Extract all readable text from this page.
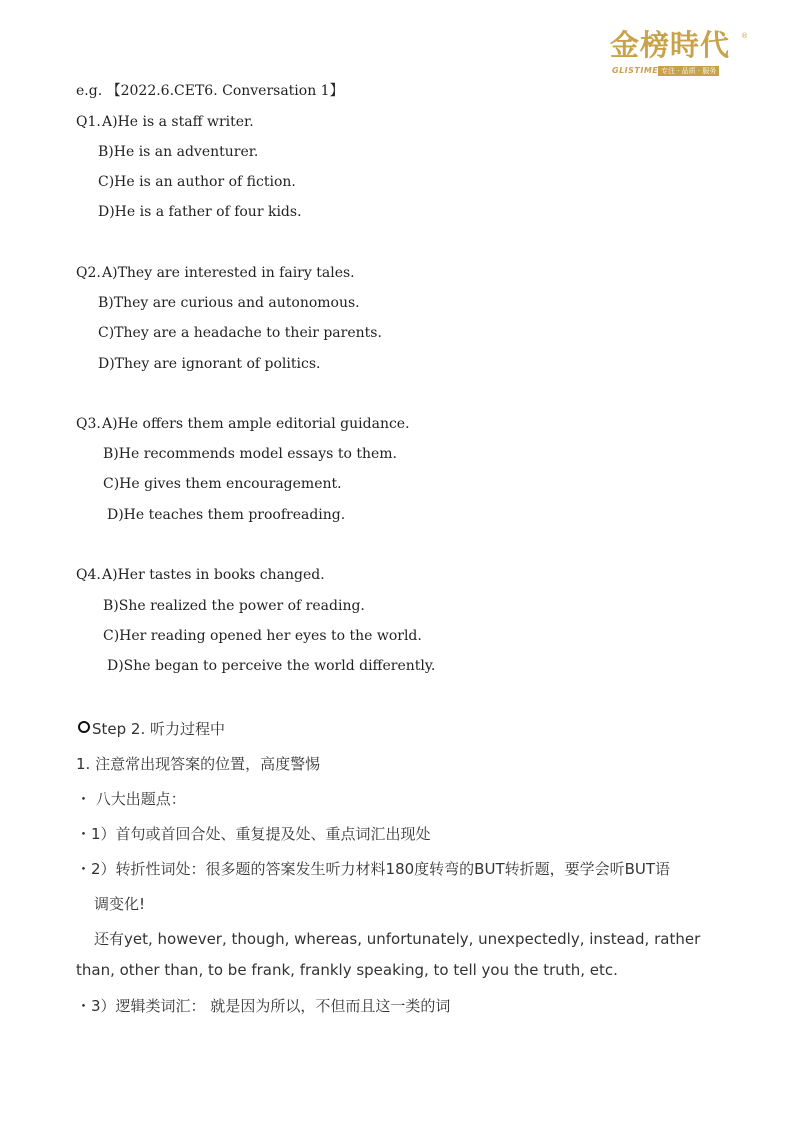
金榜時代	®
GLISTIME 专注 · 品质 · 服务
e.g. 【2022.6.CET6. Conversation 1】
Q1. A)He is a staff writer.
B)He is an adventurer.
C)He is an author of fiction.
D)He is a father of four kids.
Q2. A)They are interested in fairy tales.
B)They are curious and autonomous.
C)They are a headache to their parents.
D)They are ignorant of politics.
Q3. A)He offers them ample editorial guidance.
B)He recommends model essays to them.
C)He gives them encouragement.
D)He teaches them proofreading.
Q4. A)Her tastes in books changed.
B)She realized the power of reading.
C)Her reading opened her eyes to the world.
D)She began to perceive the world differently.
Step 2. 听力过程中
1. 注意常出现答案的位置，高度警惕
・ 八大出题点：
・1）首句或首回合处、重复提及处、重点词汇出现处
・2）转折性词处：很多题的答案发生听力材料180度转弯的BUT转折题，要学会听BUT语
调变化!
还有yet, however, though, whereas, unfortunately, unexpectedly, instead, rather
than, other than, to be frank, frankly speaking, to tell you the truth, etc.
・3）逻辑类词汇： 就是因为所以，不但而且这一类的词
